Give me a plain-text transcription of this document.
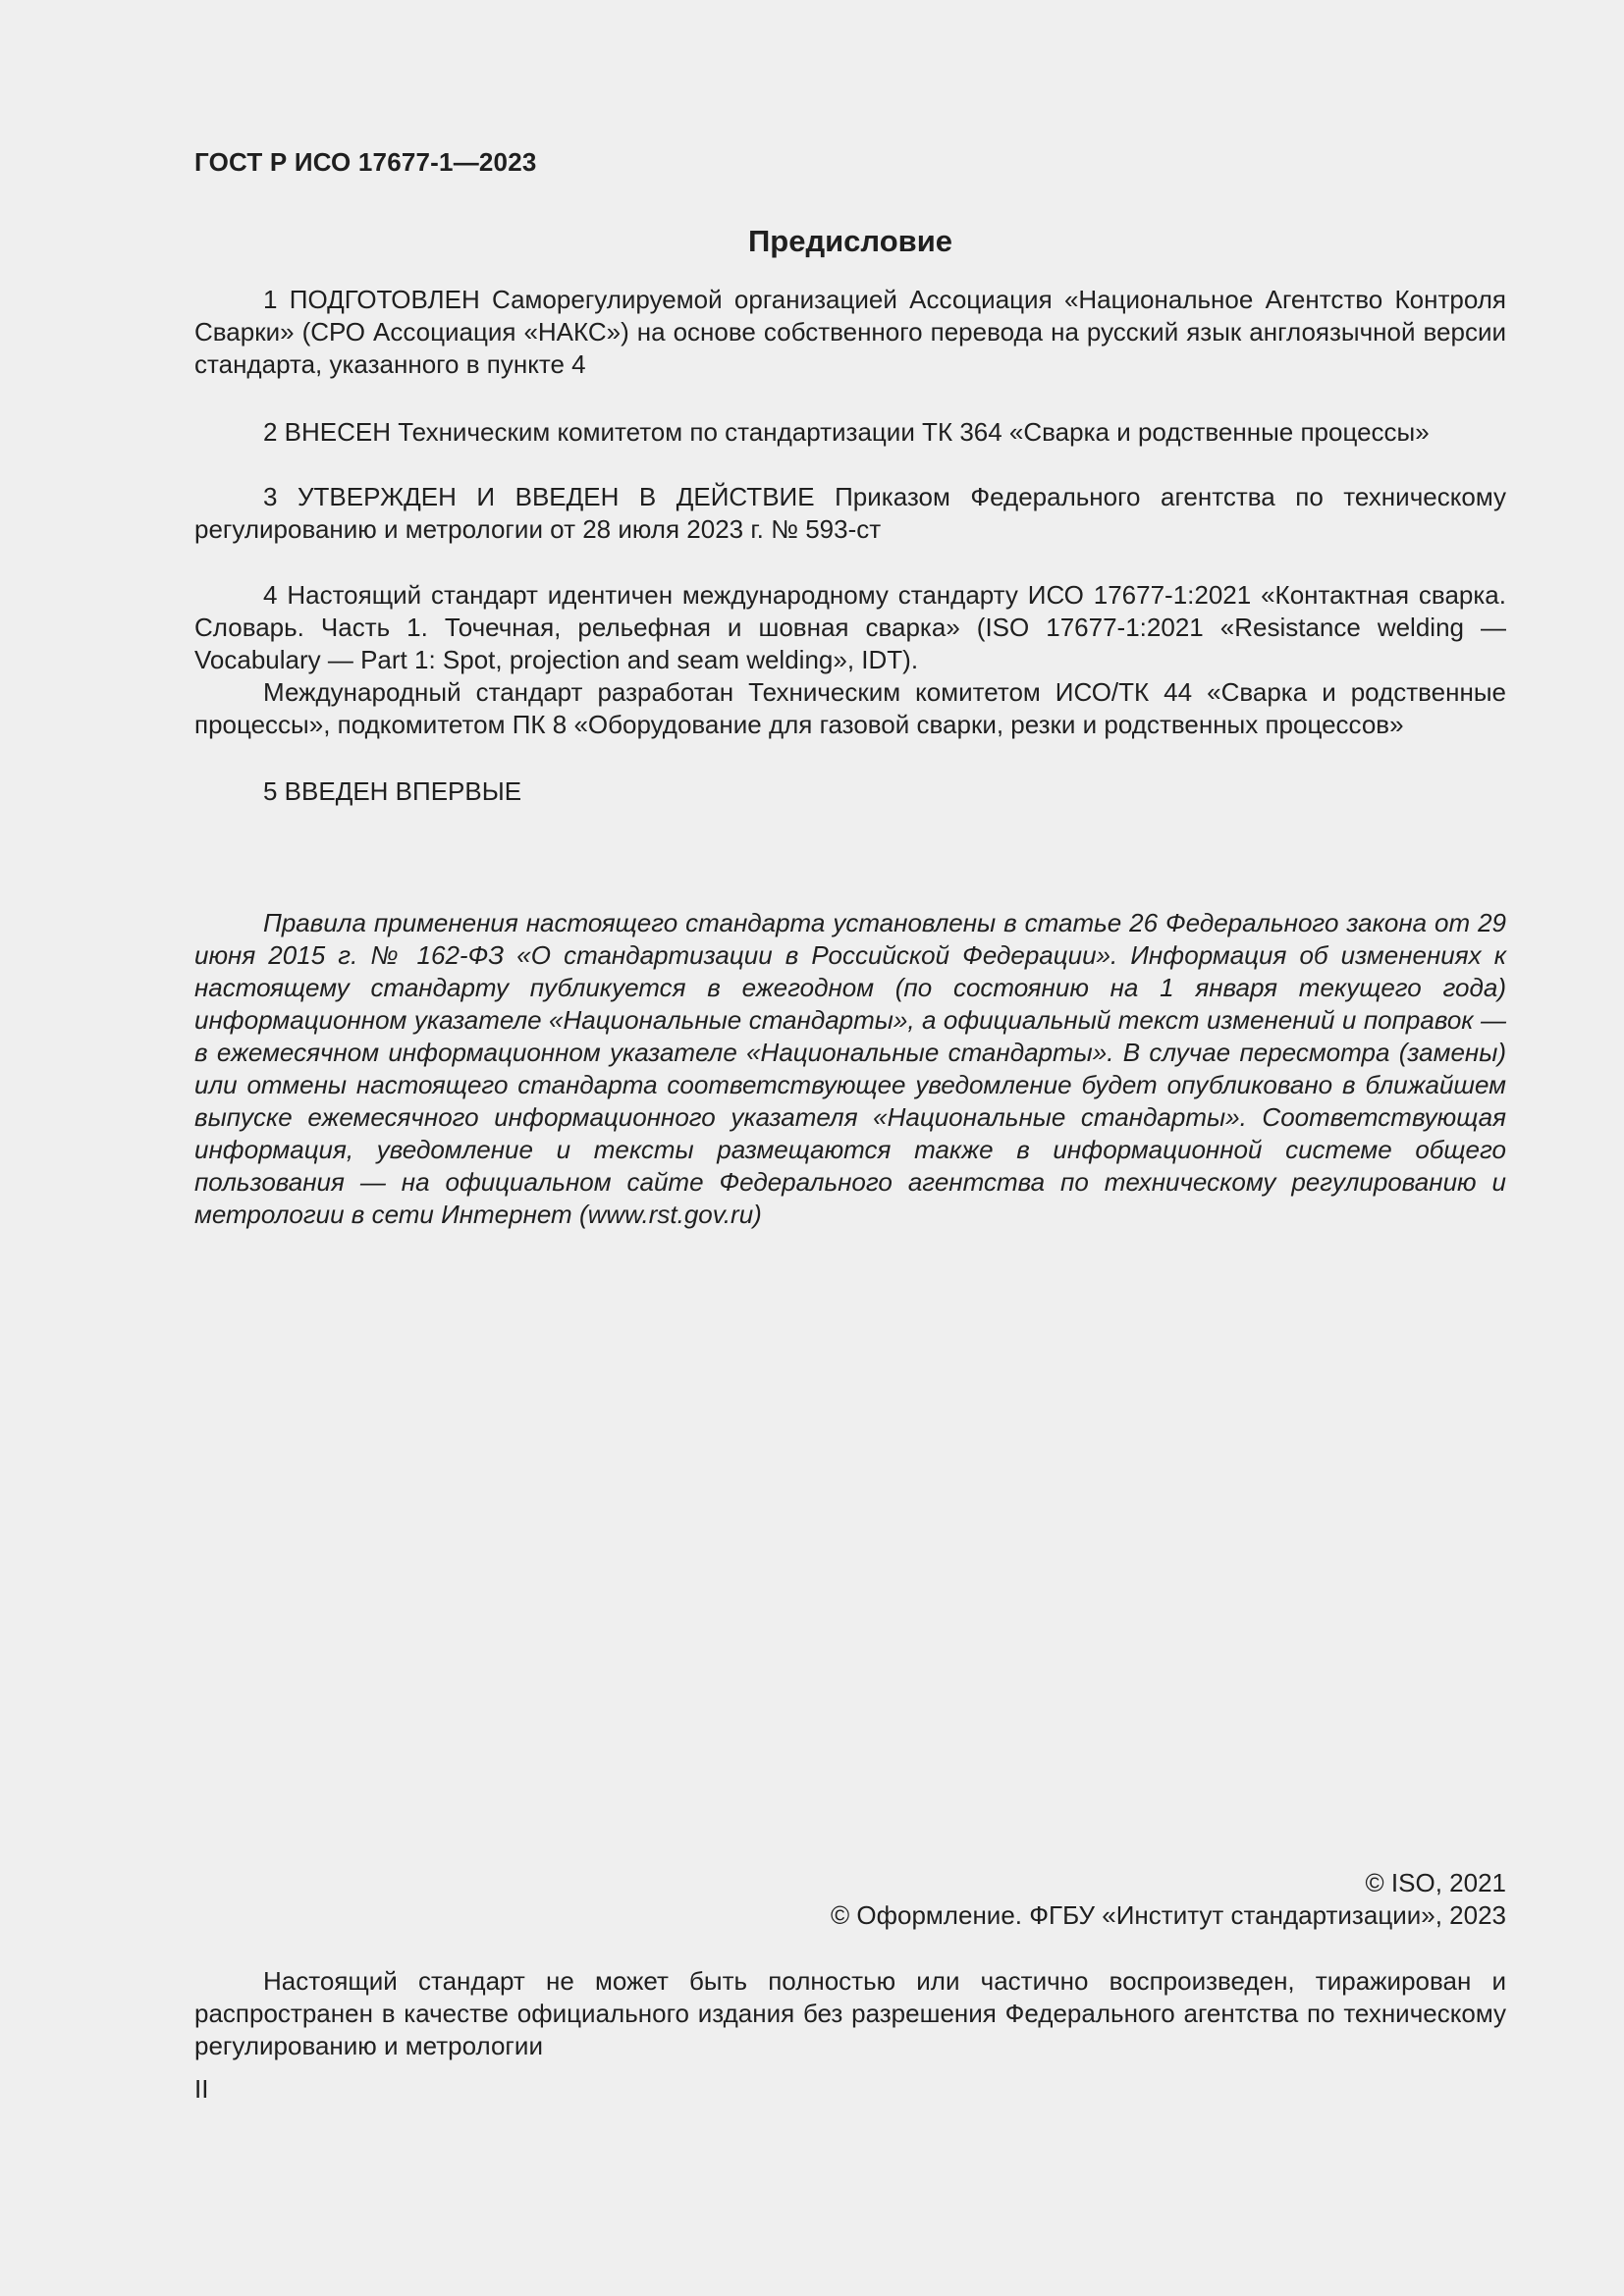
ГОСТ Р ИСО 17677-1—2023
Предисловие

1 ПОДГОТОВЛЕН Саморегулируемой организацией Ассоциация «Национальное Агентство Контроля Сварки» (СРО Ассоциация «НАКС») на основе собственного перевода на русский язык англоязычной версии стандарта, указанного в пункте 4

2 ВНЕСЕН Техническим комитетом по стандартизации ТК 364 «Сварка и родственные процессы»

3 УТВЕРЖДЕН И ВВЕДЕН В ДЕЙСТВИЕ Приказом Федерального агентства по техническому регулированию и метрологии от 28 июля 2023 г. № 593-ст

4 Настоящий стандарт идентичен международному стандарту ИСО 17677-1:2021 «Контактная сварка. Словарь. Часть 1. Точечная, рельефная и шовная сварка» (ISO 17677-1:2021 «Resistance welding — Vocabulary — Part 1: Spot, projection and seam welding», IDT).

Международный стандарт разработан Техническим комитетом ИСО/ТК 44 «Сварка и родственные процессы», подкомитетом ПК 8 «Оборудование для газовой сварки, резки и родственных процессов»

5 ВВЕДЕН ВПЕРВЫЕ

Правила применения настоящего стандарта установлены в статье 26 Федерального закона от 29 июня 2015 г. № 162-ФЗ «О стандартизации в Российской Федерации». Информация об изменениях к настоящему стандарту публикуется в ежегодном (по состоянию на 1 января текущего года) информационном указателе «Национальные стандарты», а официальный текст изменений и поправок — в ежемесячном информационном указателе «Национальные стандарты». В случае пересмотра (замены) или отмены настоящего стандарта соответствующее уведомление будет опубликовано в ближайшем выпуске ежемесячного информационного указателя «Национальные стандарты». Соответствующая информация, уведомление и тексты размещаются также в информационной системе общего пользования — на официальном сайте Федерального агентства по техническому регулированию и метрологии в сети Интернет (www.rst.gov.ru)

© ISO, 2021
© Оформление. ФГБУ «Институт стандартизации», 2023

Настоящий стандарт не может быть полностью или частично воспроизведен, тиражирован и распространен в качестве официального издания без разрешения Федерального агентства по техническому регулированию и метрологии

II
